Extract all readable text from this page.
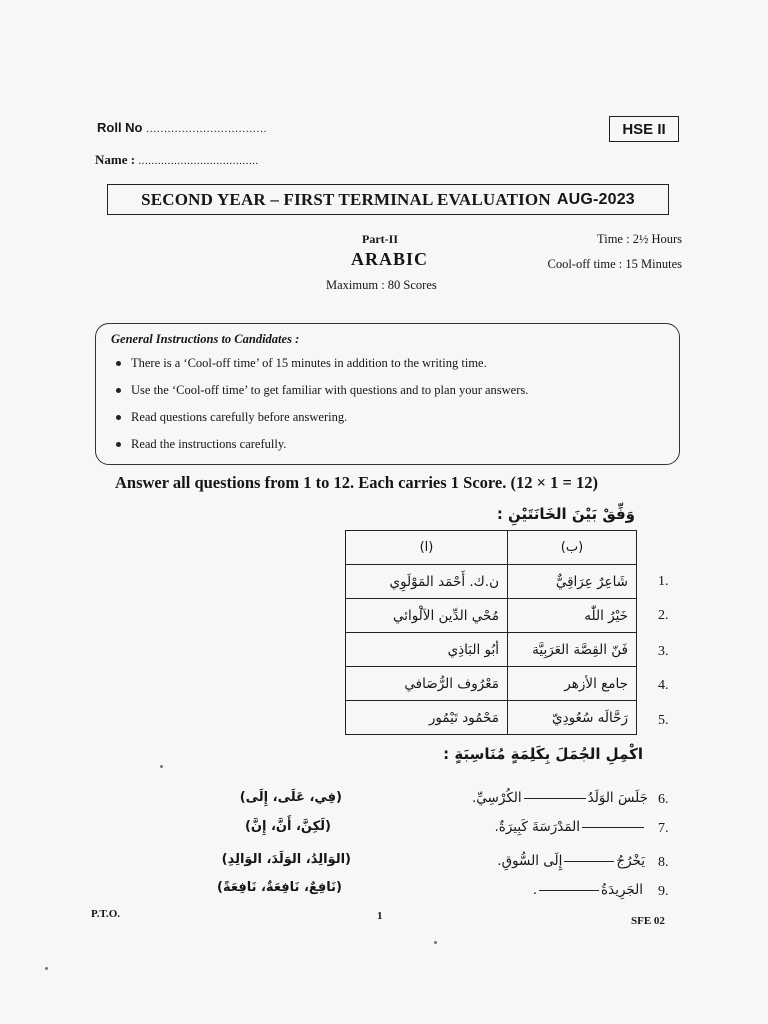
Roll No ..................................
Name : .....................................
HSE II
SECOND YEAR – FIRST TERMINAL EVALUATION AUG-2023
Part-II
ARABIC
Maximum : 80 Scores
Time : 2½ Hours
Cool-off time : 15 Minutes
General Instructions to Candidates :
There is a ‘Cool-off time’ of 15 minutes in addition to the writing time.
Use the ‘Cool-off time’ to get familiar with questions and to plan your answers.
Read questions carefully before answering.
Read the instructions carefully.
Answer all questions from 1 to 12. Each carries 1 Score. (12 × 1 = 12)
وَفِّقْ بَيْنَ الخَانَتَيْنِ :
(ا)	(ب)
ن.ك. أَحْمَد المَوْلَوِي	شَاعِرٌ عِرَاقِيٌّ
مُحْي الدِّين الآلْوائي	خَيْرُ اللّٰه
أبُو البَاذِي	فَنّ القِصَّة العَرَبِيَّة
مَعْرُوف الرُّصَافي	جامع الأزهر
مَحْمُود تَيْمُور	رَحَّالَه سُعُودِيّ
1.
2.
3.
4.
5.
اكْمِلِ الجُمَلَ بِكَلِمَةٍ مُنَاسِبَةٍ :
6.
جَلَسَ الوَلَدُالكُرْسِيِّ.
(فِي، عَلَى، إِلَى)
7.
المَدْرَسَةَ كَبِيرَةٌ.
(لَكِنَّ، أَنَّ، إِنَّ)
8.
يَخْرُجُإِلَى السُّوقِ.
(الوَالِدُ، الوَلَدَ، الوَالِدِ)
9.
الجَرِيدَةُ.
(نَافِعٌ، نَافِعَةٌ، نَافِعَةً)
P.T.O.	1	SFE 02
